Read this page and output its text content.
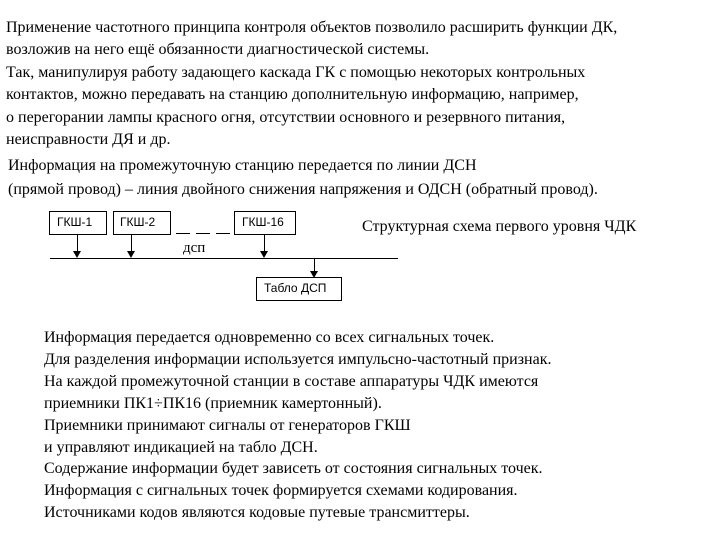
Применение частотного принципа контроля объектов позволило расширить функции ДК,
возложив на него ещё обязанности диагностической системы.
Так, манипулируя работу задающего каскада ГК с помощью некоторых контрольных
контактов, можно передавать на станцию дополнительную информацию, например,
о перегорании лампы красного огня, отсутствии основного и резервного питания,
неисправности ДЯ и др.
Информация на промежуточную станцию передается по линии ДСН
(прямой провод) – линия двойного снижения напряжения и ОДСН (обратный провод).
ГКШ-1 ГКШ-2	ГКШ-16
дсп
Табло ДСП
Структурная схема первого уровня ЧДК
Информация передается одновременно со всех сигнальных точек.
Для разделения информации используется импульсно-частотный признак.
На каждой промежуточной станции в составе аппаратуры ЧДК имеются
приемники ПК1÷ПК16 (приемник камертонный).
Приемники принимают сигналы от генераторов ГКШ
и управляют индикацией на табло ДСН.
Содержание информации будет зависеть от состояния сигнальных точек.
Информация с сигнальных точек формируется схемами кодирования.
Источниками кодов являются кодовые путевые трансмиттеры.
